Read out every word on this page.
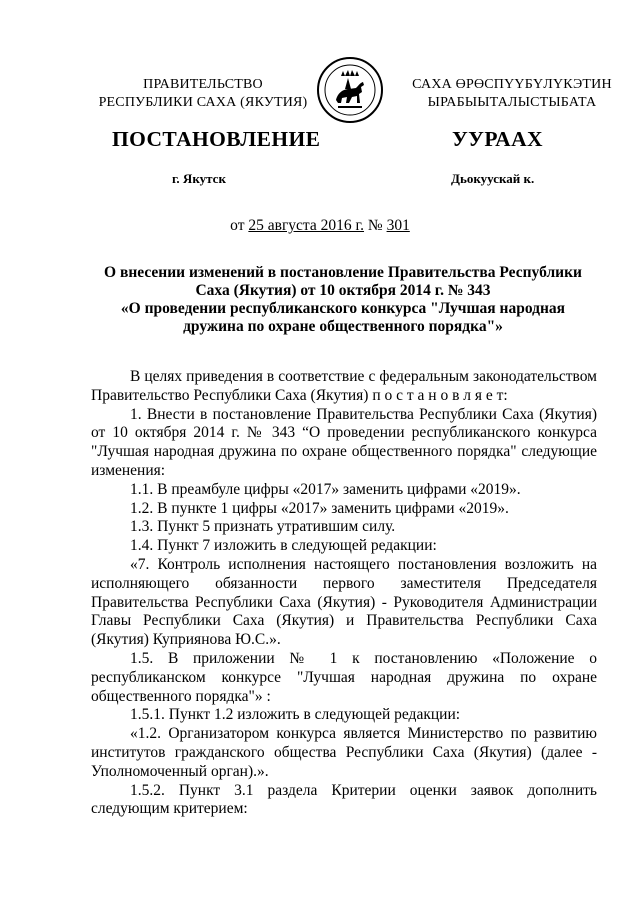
ПРАВИТЕЛЬСТВО
РЕСПУБЛИКИ САХА (ЯКУТИЯ)
САХА ӨРӨСПҮҮБҮЛҮКЭТИН
ЫРАБЫЫТАЛЫСТЫБАТА
ПОСТАНОВЛЕНИЕ	УУРААХ
г. Якутск	Дьокуускай к.
от 25 августа 2016 г. № 301
О внесении изменений в постановление Правительства Республики
Саха (Якутия) от 10 октября 2014 г. № 343
«О проведении республиканского конкурса "Лучшая народная
дружина по охране общественного порядка"»

В целях приведения в соответствие с федеральным законодательством Правительство Республики Саха (Якутия) п о с т а н о в л я е т:

1. Внести в постановление Правительства Республики Саха (Якутия) от 10 октября 2014 г. № 343 “О проведении республиканского конкурса "Лучшая народная дружина по охране общественного порядка" следующие изменения:

1.1. В преамбуле цифры «2017» заменить цифрами «2019».

1.2. В пункте 1 цифры «2017» заменить цифрами «2019».

1.3. Пункт 5 признать утратившим силу.

1.4. Пункт 7 изложить в следующей редакции:

«7. Контроль исполнения настоящего постановления возложить на исполняющего обязанности первого заместителя Председателя Правительства Республики Саха (Якутия) - Руководителя Администрации Главы Республики Саха (Якутия) и Правительства Республики Саха (Якутия) Куприянова Ю.С.».

1.5. В приложении № 1 к постановлению «Положение о республиканском конкурсе "Лучшая народная дружина по охране общественного порядка"» :

1.5.1. Пункт 1.2 изложить в следующей редакции:

«1.2. Организатором конкурса является Министерство по развитию институтов гражданского общества Республики Саха (Якутия) (далее - Уполномоченный орган).».

1.5.2. Пункт 3.1 раздела Критерии оценки заявок дополнить следующим критерием:
